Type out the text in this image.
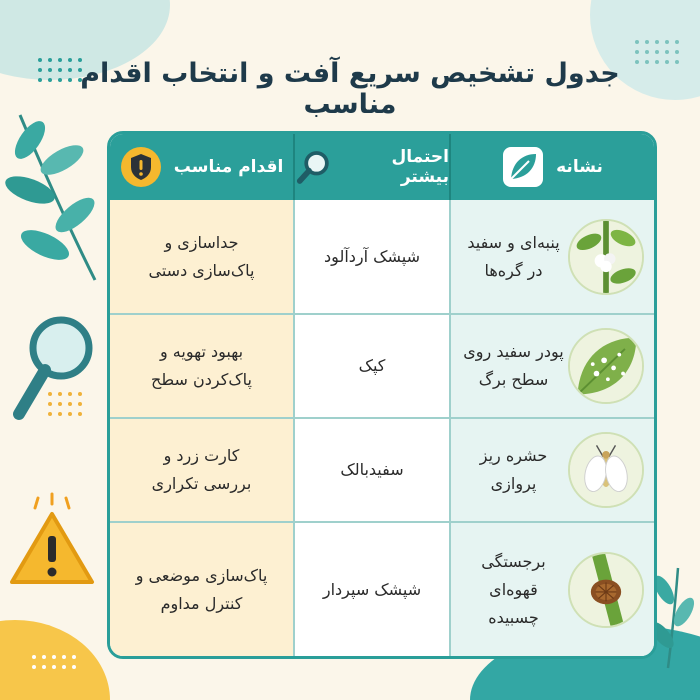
جدول تشخیص سریع آفت و انتخاب اقدام مناسب
نشانه
احتمال بیشتر
اقدام مناسب
پنبه‌ای و سفید
در گره‌ها
شپشک آردآلود
جداسازی و
پاک‌سازی دستی
پودر سفید روی
سطح برگ
کپک
بهبود تهویه و
پاک‌کردن سطح
حشره ریز پروازی
سفیدبالک
کارت زرد و
بررسی تکراری
برجستگی قهوه‌ای
چسبیده
شپشک سپردار
پاک‌سازی موضعی و
کنترل مداوم
